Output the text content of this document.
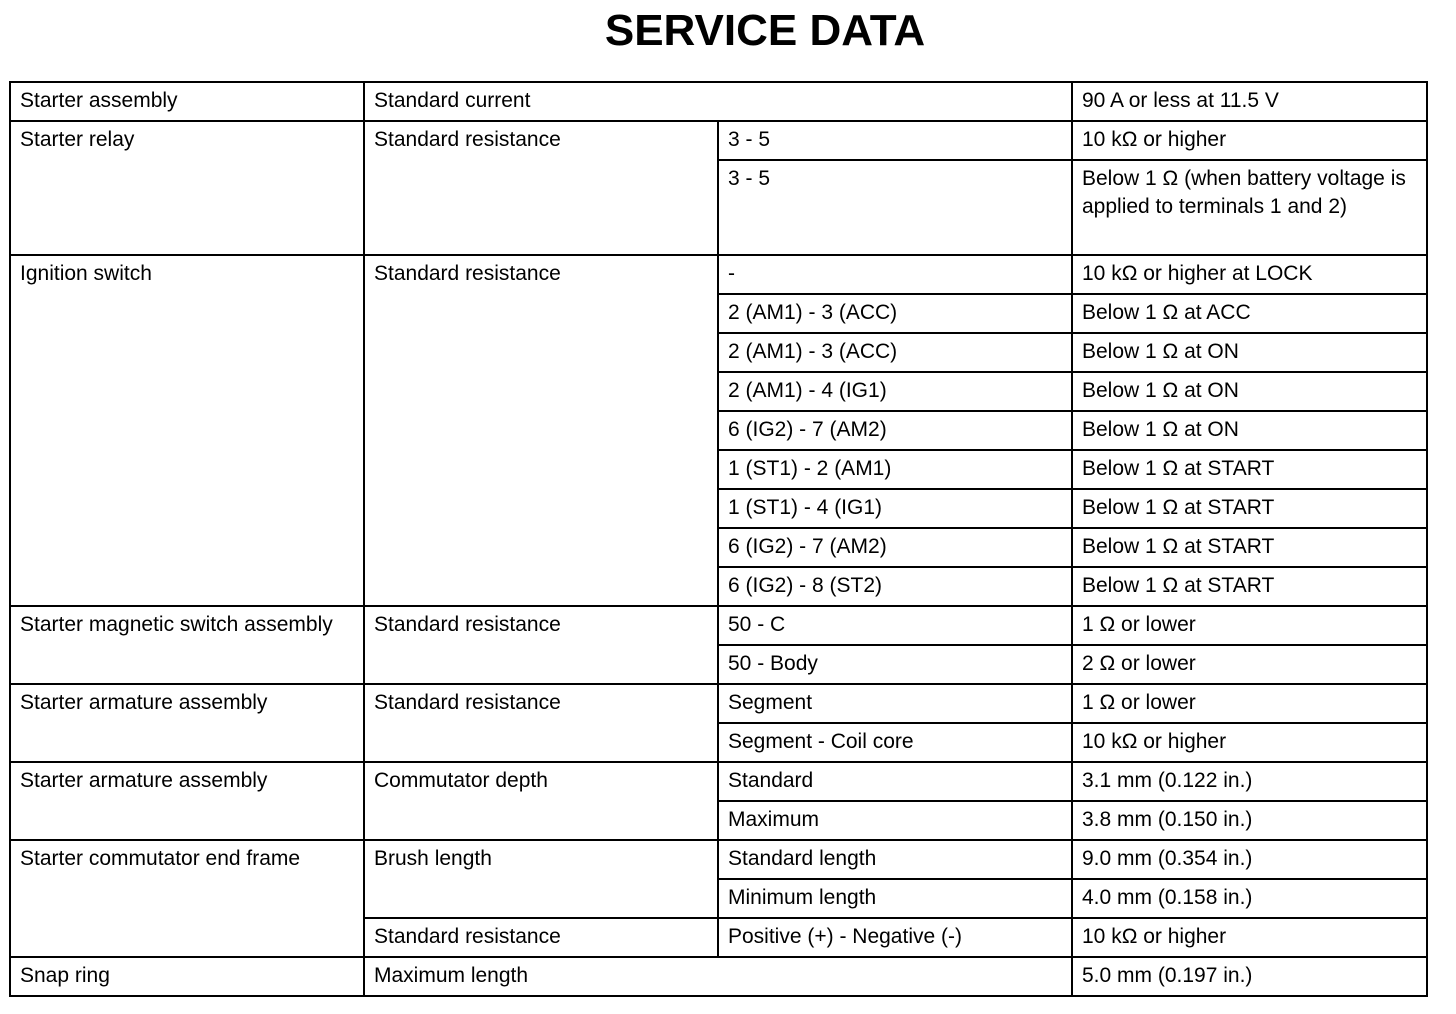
SERVICE DATA
Starter assembly	Standard current		90 A or less at 11.5 V
Starter relay	Standard resistance	3 - 5	10 kΩ or higher
		3 - 5	Below 1 Ω (when battery voltage is applied to terminals 1 and 2)
Ignition switch	Standard resistance	-	10 kΩ or higher at LOCK
		2 (AM1) - 3 (ACC)	Below 1 Ω at ACC
		2 (AM1) - 3 (ACC)	Below 1 Ω at ON
		2 (AM1) - 4 (IG1)	Below 1 Ω at ON
		6 (IG2) - 7 (AM2)	Below 1 Ω at ON
		1 (ST1) - 2 (AM1)	Below 1 Ω at START
		1 (ST1) - 4 (IG1)	Below 1 Ω at START
		6 (IG2) - 7 (AM2)	Below 1 Ω at START
		6 (IG2) - 8 (ST2)	Below 1 Ω at START
Starter magnetic switch assembly	Standard resistance	50 - C	1 Ω or lower
		50 - Body	2 Ω or lower
Starter armature assembly	Standard resistance	Segment	1 Ω or lower
		Segment - Coil core	10 kΩ or higher
Starter armature assembly	Commutator depth	Standard	3.1 mm (0.122 in.)
		Maximum	3.8 mm (0.150 in.)
Starter commutator end frame	Brush length	Standard length	9.0 mm (0.354 in.)
		Minimum length	4.0 mm (0.158 in.)
	Standard resistance	Positive (+) - Negative (-)	10 kΩ or higher
Snap ring	Maximum length		5.0 mm (0.197 in.)
